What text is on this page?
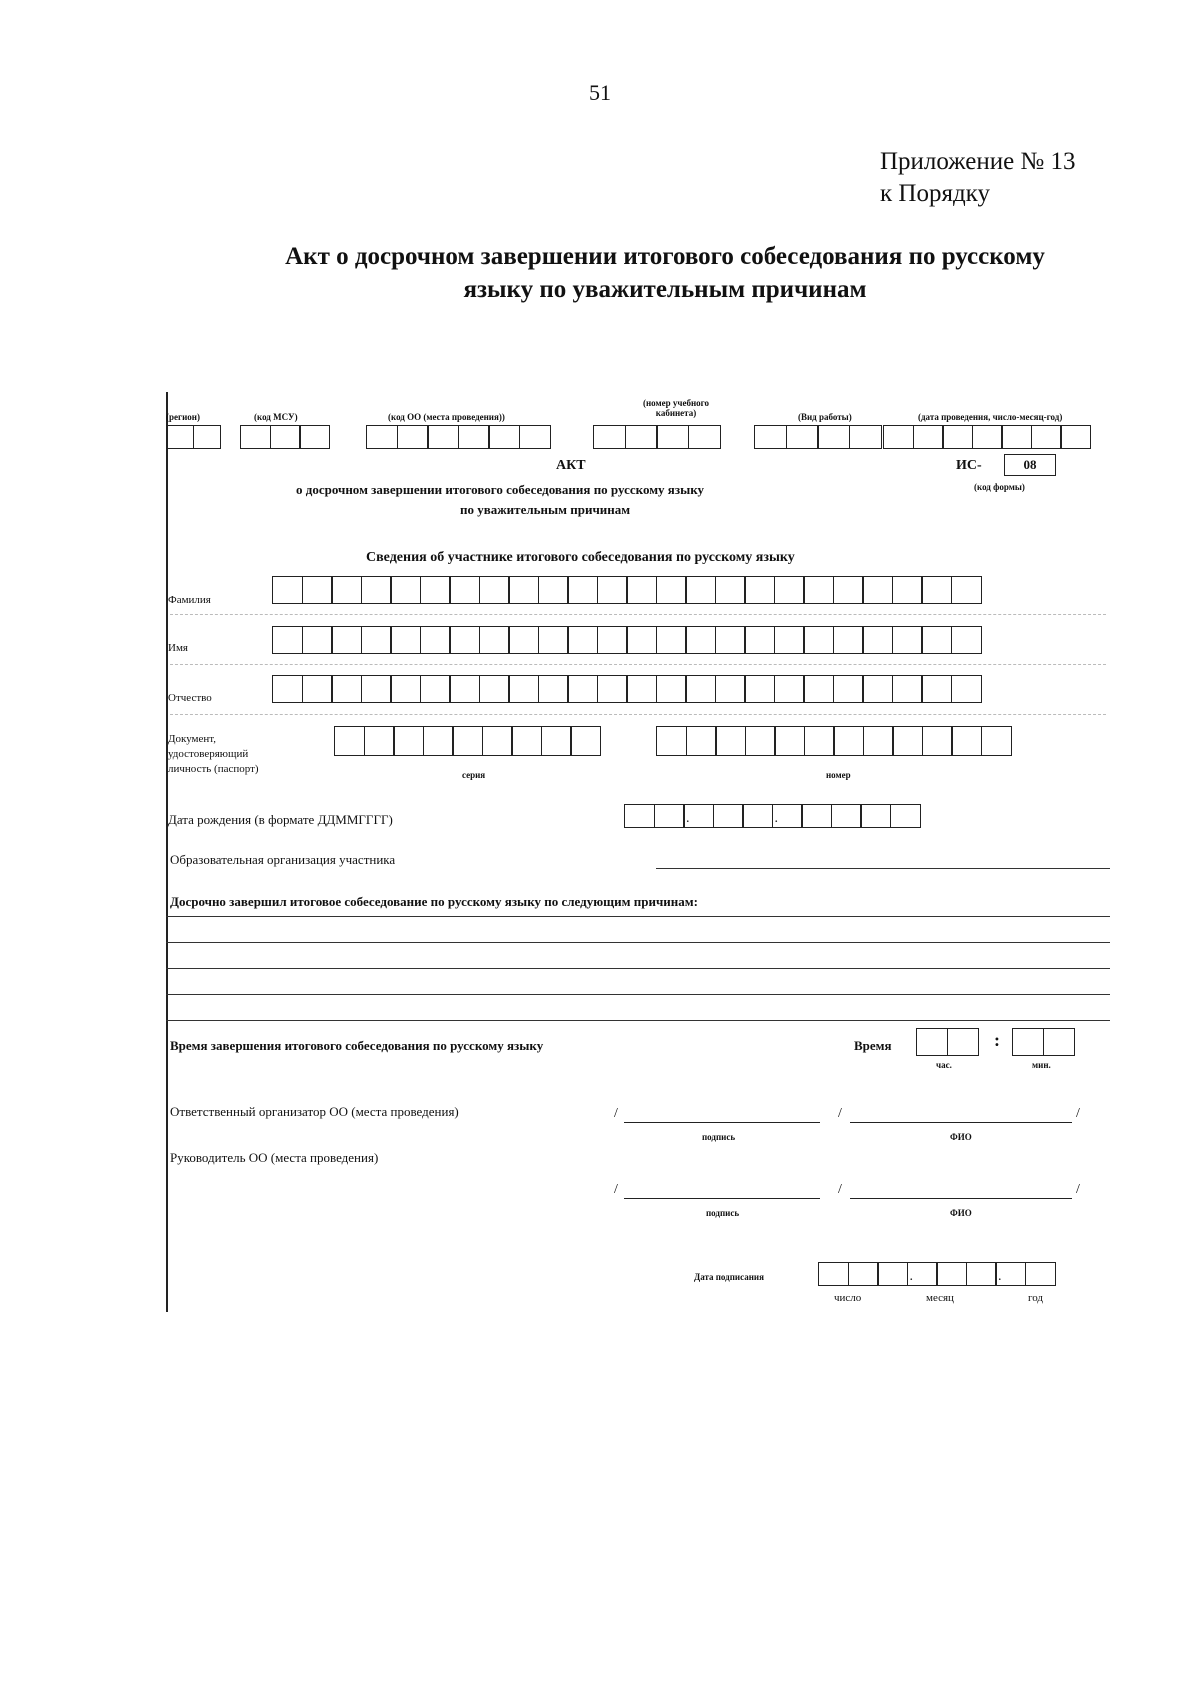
51
Приложение № 13
к Порядку
Акт о досрочном завершении итогового собеседования по русскому
языку по уважительным причинам
(регион)	(код МСУ)	(код ОО (места проведения))
(номер учебного
кабинета)	(Вид работы)	(дата проведения, число-месяц-год)
АКТ	ИС-	08
(код формы)
о досрочном завершении итогового собеседования по русскому языку
по уважительным причинам
Сведения об участнике итогового собеседования по русскому языку
Фамилия
Имя
Отчество
Документ,
удостоверяющий
личность (паспорт)	серия	номер
Дата рождения (в формате ДДММГГГГ)
.
.
Образовательная организация участника
Досрочно завершил итоговое собеседование по русскому языку по следующим причинам:
Время завершения итогового собеседования по русскому языку	Время	:
час.	мин.
Ответственный организатор ОО (места проведения)	/	/	/
подпись	ФИО
Руководитель ОО (места проведения)
/	/	/
подпись	ФИО
Дата подписания
.
.
число	месяц	год
